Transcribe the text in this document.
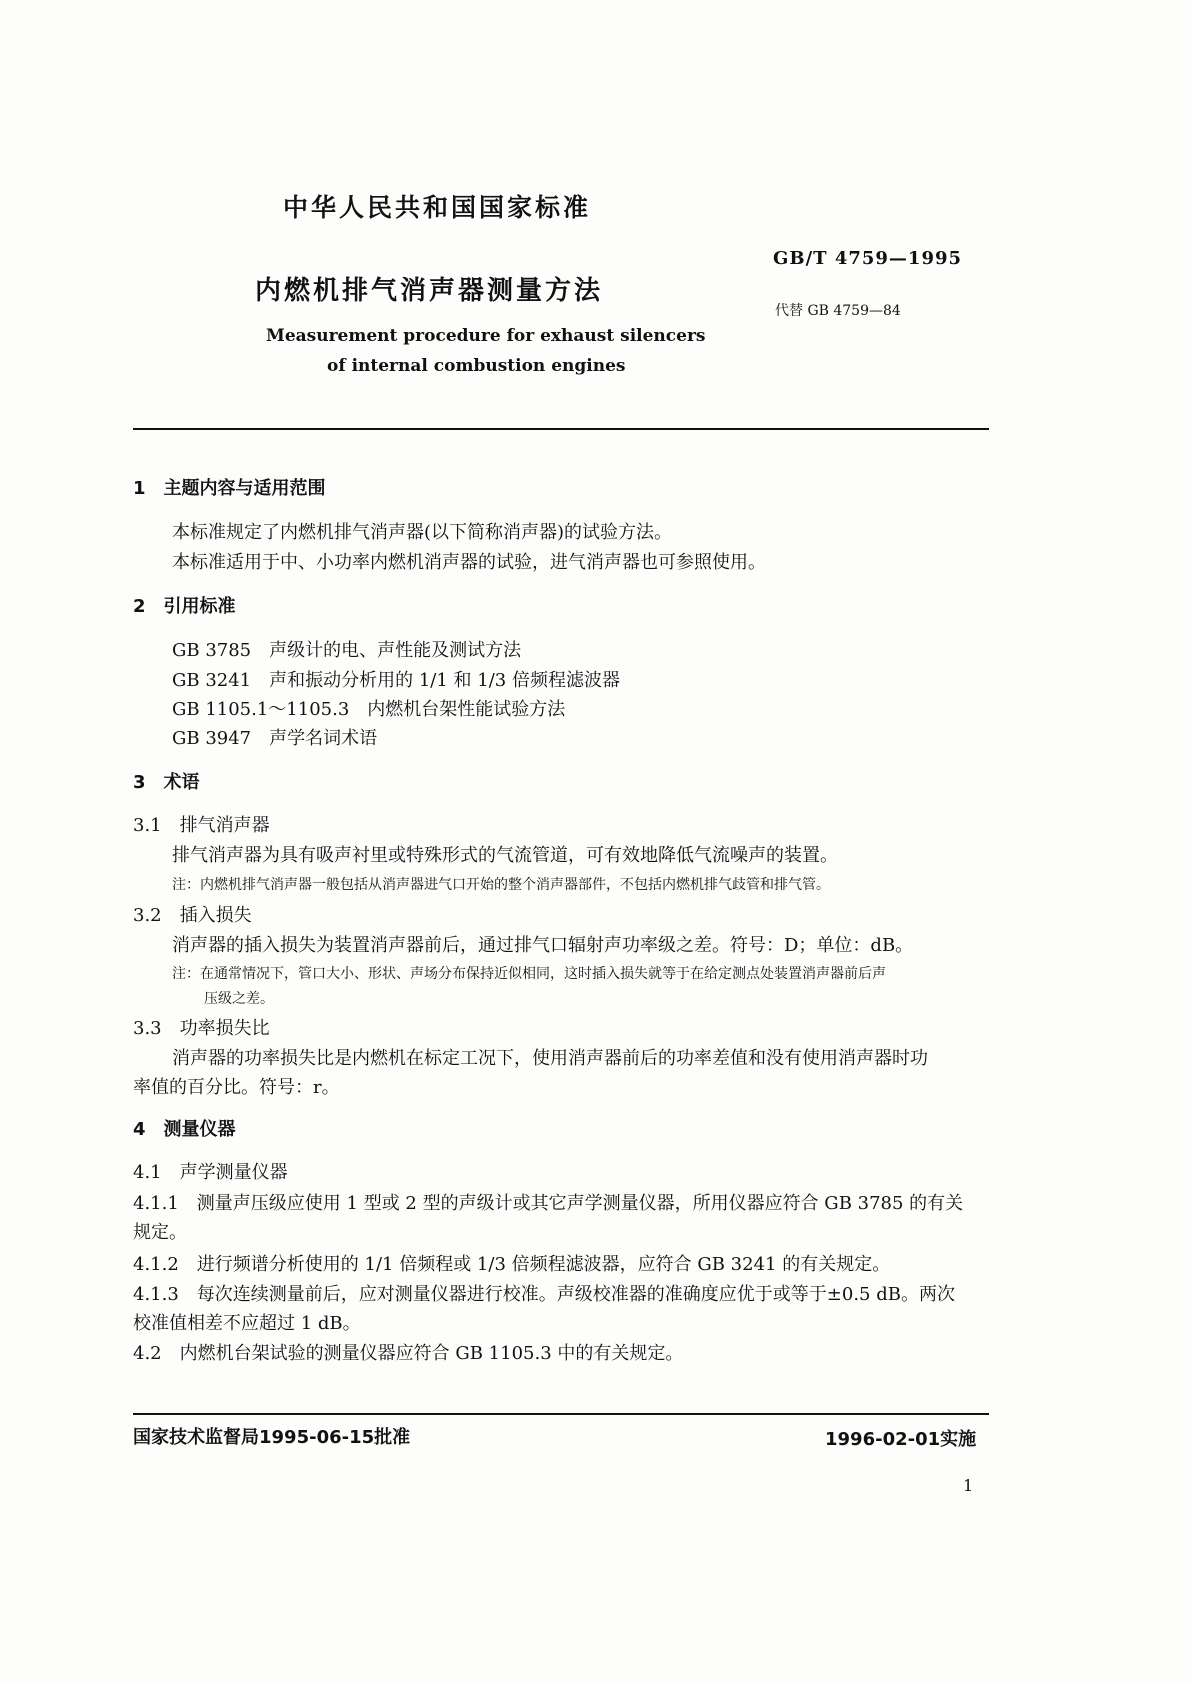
中华人民共和国国家标准
GB/T 4759—1995
内燃机排气消声器测量方法
代替 GB 4759—84
Measurement procedure for exhaust silencers
of internal combustion engines
1　主题内容与适用范围
本标准规定了内燃机排气消声器(以下简称消声器)的试验方法。
本标准适用于中、小功率内燃机消声器的试验，进气消声器也可参照使用。
2　引用标准
GB 3785　声级计的电、声性能及测试方法
GB 3241　声和振动分析用的 1/1 和 1/3 倍频程滤波器
GB 1105.1～1105.3　内燃机台架性能试验方法
GB 3947　声学名词术语
3　术语
3.1　排气消声器
排气消声器为具有吸声衬里或特殊形式的气流管道，可有效地降低气流噪声的装置。
注：内燃机排气消声器一般包括从消声器进气口开始的整个消声器部件，不包括内燃机排气歧管和排气管。
3.2　插入损失
消声器的插入损失为装置消声器前后，通过排气口辐射声功率级之差。符号：D；单位：dB。
注：在通常情况下，管口大小、形状、声场分布保持近似相同，这时插入损失就等于在给定测点处装置消声器前后声
压级之差。
3.3　功率损失比
消声器的功率损失比是内燃机在标定工况下，使用消声器前后的功率差值和没有使用消声器时功
率值的百分比。符号：r。
4　测量仪器
4.1　声学测量仪器
4.1.1　测量声压级应使用 1 型或 2 型的声级计或其它声学测量仪器，所用仪器应符合 GB 3785 的有关
规定。
4.1.2　进行频谱分析使用的 1/1 倍频程或 1/3 倍频程滤波器，应符合 GB 3241 的有关规定。
4.1.3　每次连续测量前后，应对测量仪器进行校准。声级校准器的准确度应优于或等于±0.5 dB。两次
校准值相差不应超过 1 dB。
4.2　内燃机台架试验的测量仪器应符合 GB 1105.3 中的有关规定。
国家技术监督局1995-06-15批准	1996-02-01实施
1
